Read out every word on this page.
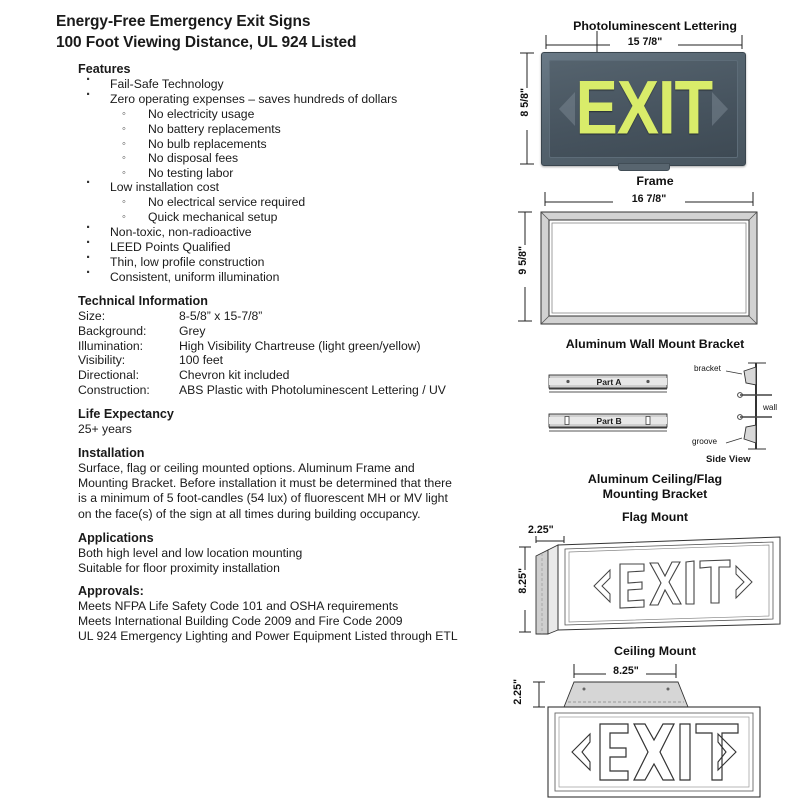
Energy-Free Emergency Exit Signs
100 Foot Viewing Distance, UL 924 Listed
Features
· Fail-Safe Technology
· Zero operating expenses – saves hundreds of dollars
◦ No electricity usage
◦ No battery replacements
◦ No bulb replacements
◦ No disposal fees
◦ No testing labor
· Low installation cost
◦ No electrical service required
◦ Quick mechanical setup
· Non-toxic, non-radioactive
· LEED Points Qualified
· Thin, low profile construction
· Consistent, uniform illumination
Technical Information
Size:	8-5/8” x 15-7/8”
Background:	Grey
Illumination:	High Visibility Chartreuse (light green/yellow)
Visibility:	100 feet
Directional:	Chevron kit included
Construction:	ABS Plastic with Photoluminescent Lettering / UV
Life Expectancy
25+ years
Installation
Surface, flag or ceiling mounted options. Aluminum Frame and Mounting Bracket. Before installation it must be determined that there is a minimum of 5 foot-candles (54 lux) of fluorescent MH or MV light on the face(s) of the sign at all times during building occupancy.
Applications
Both high level and low location mounting
Suitable for floor proximity installation
Approvals:
Meets NFPA Life Safety Code 101 and OSHA requirements
Meets International Building Code 2009 and Fire Code 2009
UL 924 Emergency Lighting and Power Equipment Listed through ETL
Photoluminescent Lettering
15 7/8"
8 5/8" EXIT
Frame
16 7/8"
9 5/8"
Aluminum Wall Mount Bracket
Part A
Part B
bracket
wall
groove
Side View
Aluminum Ceiling/Flag
Mounting Bracket
Flag Mount
2.25"
8.25"
Ceiling Mount
8.25"
2.25"
